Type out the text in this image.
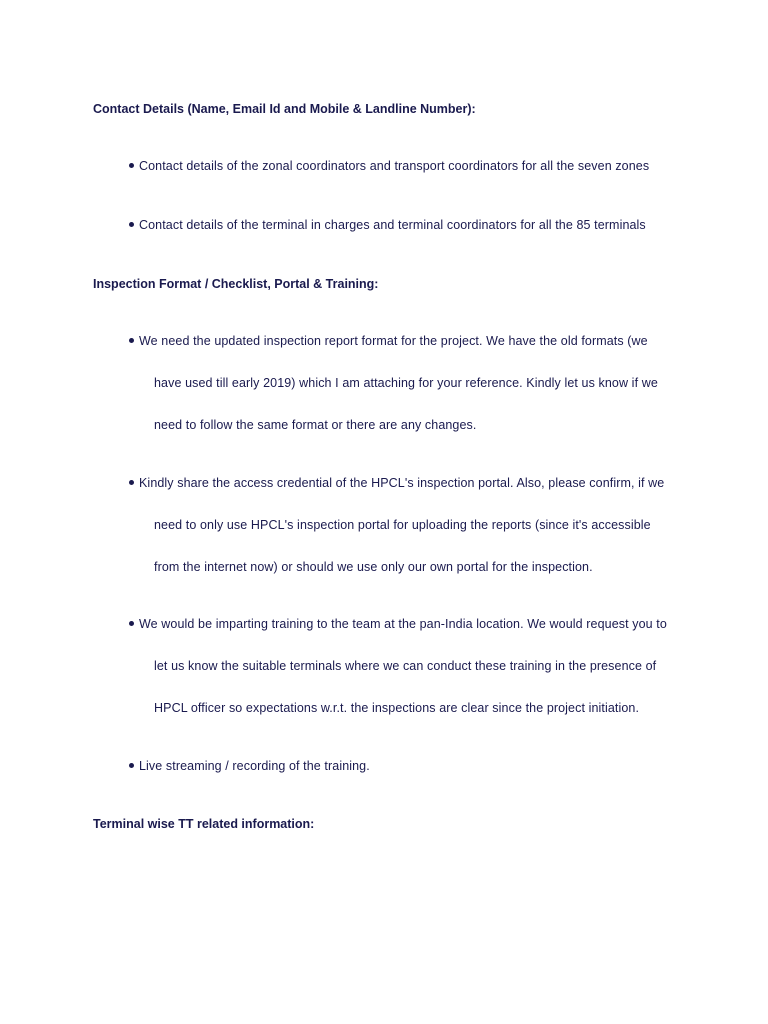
Contact Details (Name, Email Id and Mobile & Landline Number):
Contact details of the zonal coordinators and transport coordinators for all the seven zones
Contact details of the terminal in charges and terminal coordinators for all the 85 terminals
Inspection Format / Checklist, Portal & Training:
We need the updated inspection report format for the project. We have the old formats (we
have used till early 2019) which I am attaching for your reference. Kindly let us know if we
need to follow the same format or there are any changes.
Kindly share the access credential of the HPCL's inspection portal. Also, please confirm, if we
need to only use HPCL's inspection portal for uploading the reports (since it's accessible
from the internet now) or should we use only our own portal for the inspection.
We would be imparting training to the team at the pan-India location. We would request you to
let us know the suitable terminals where we can conduct these training in the presence of
HPCL officer so expectations w.r.t. the inspections are clear since the project initiation.
Live streaming / recording of the training.
Terminal wise TT related information:
